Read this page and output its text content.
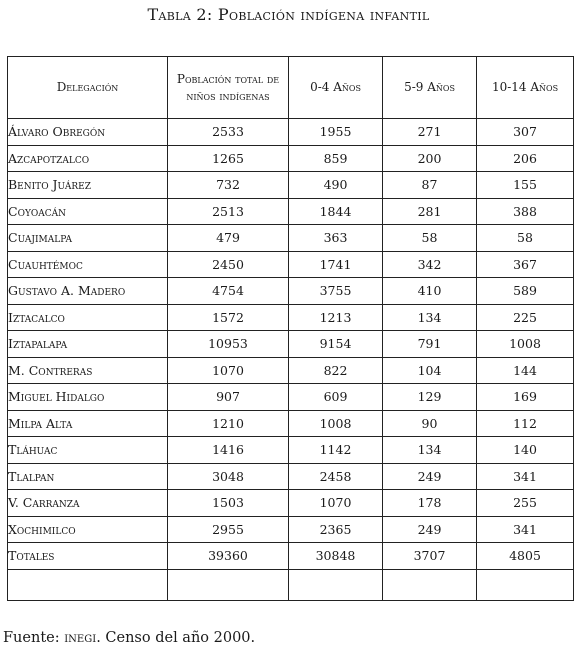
Tabla 2: Población indígena infantil
Delegación	Población total de niños indígenas	0-4 Años	5-9 Años	10-14 Años
Álvaro Obregón	2533	1955	271	307
Azcapotzalco	1265	859	200	206
Benito Juárez	732	490	87	155
Coyoacán	2513	1844	281	388
Cuajimalpa	479	363	58	58
Cuauhtémoc	2450	1741	342	367
Gustavo A. Madero	4754	3755	410	589
Iztacalco	1572	1213	134	225
Iztapalapa	10953	9154	791	1008
M. Contreras	1070	822	104	144
Miguel Hidalgo	907	609	129	169
Milpa Alta	1210	1008	90	112
Tláhuac	1416	1142	134	140
Tlalpan	3048	2458	249	341
V. Carranza	1503	1070	178	255
Xochimilco	2955	2365	249	341
Totales	39360	30848	3707	4805

Fuente: inegi. Censo del año 2000.
